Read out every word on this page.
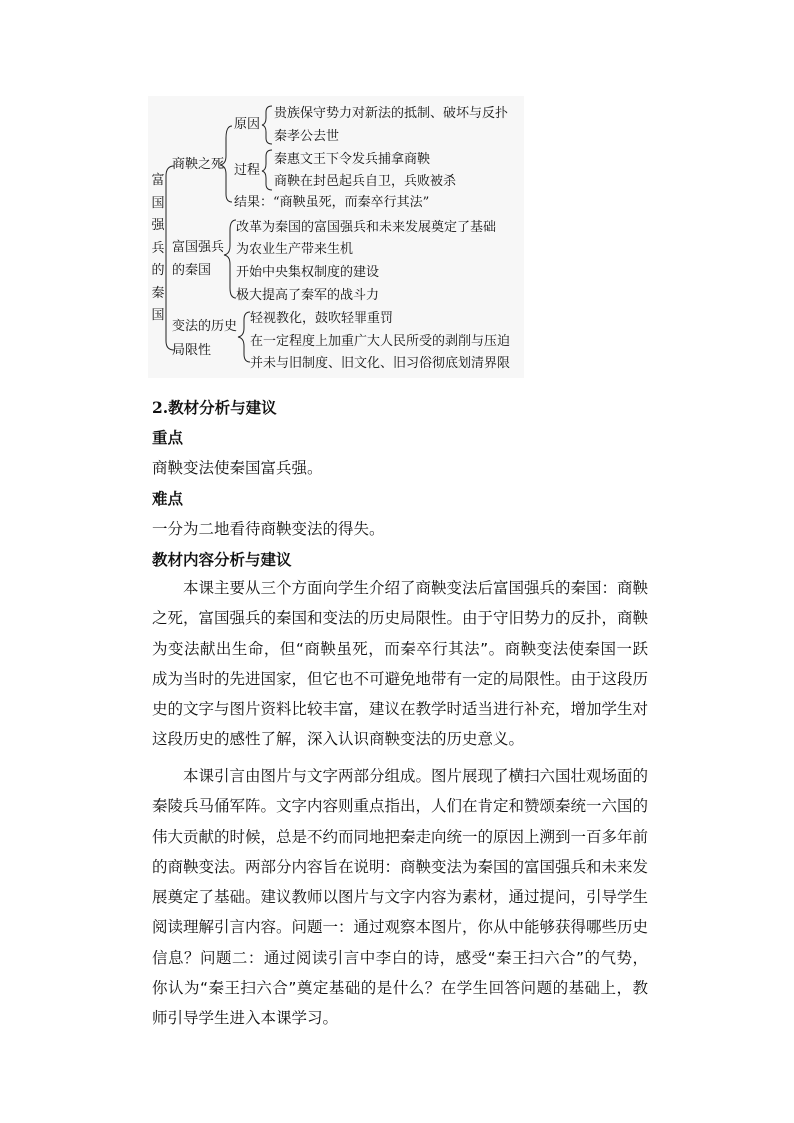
富国强兵的秦国
商鞅之死
原因
贵族保守势力对新法的抵制、破坏与反扑
秦孝公去世
过程
秦惠文王下令发兵捕拿商鞅
商鞅在封邑起兵自卫，兵败被杀
结果：“商鞅虽死，而秦卒行其法”
富国强兵
的秦国
改革为秦国的富国强兵和未来发展奠定了基础
为农业生产带来生机
开始中央集权制度的建设
极大提高了秦军的战斗力
变法的历史
局限性
轻视教化，鼓吹轻罪重罚
在一定程度上加重广大人民所受的剥削与压迫
并未与旧制度、旧文化、旧习俗彻底划清界限
2.教材分析与建议
重点
商鞅变法使秦国富兵强。
难点
一分为二地看待商鞅变法的得失。
教材内容分析与建议
本课主要从三个方面向学生介绍了商鞅变法后富国强兵的秦国：商鞅之死，富国强兵的秦国和变法的历史局限性。由于守旧势力的反扑，商鞅为变法献出生命，但“商鞅虽死，而秦卒行其法”。商鞅变法使秦国一跃成为当时的先进国家，但它也不可避免地带有一定的局限性。由于这段历史的文字与图片资料比较丰富，建议在教学时适当进行补充，增加学生对这段历史的感性了解，深入认识商鞅变法的历史意义。
本课引言由图片与文字两部分组成。图片展现了横扫六国壮观场面的秦陵兵马俑军阵。文字内容则重点指出，人们在肯定和赞颂秦统一六国的伟大贡献的时候，总是不约而同地把秦走向统一的原因上溯到一百多年前的商鞅变法。两部分内容旨在说明：商鞅变法为秦国的富国强兵和未来发展奠定了基础。建议教师以图片与文字内容为素材，通过提问，引导学生阅读理解引言内容。问题一：通过观察本图片，你从中能够获得哪些历史信息？问题二：通过阅读引言中李白的诗，感受“秦王扫六合”的气势，你认为“秦王扫六合”奠定基础的是什么？在学生回答问题的基础上，教师引导学生进入本课学习。
